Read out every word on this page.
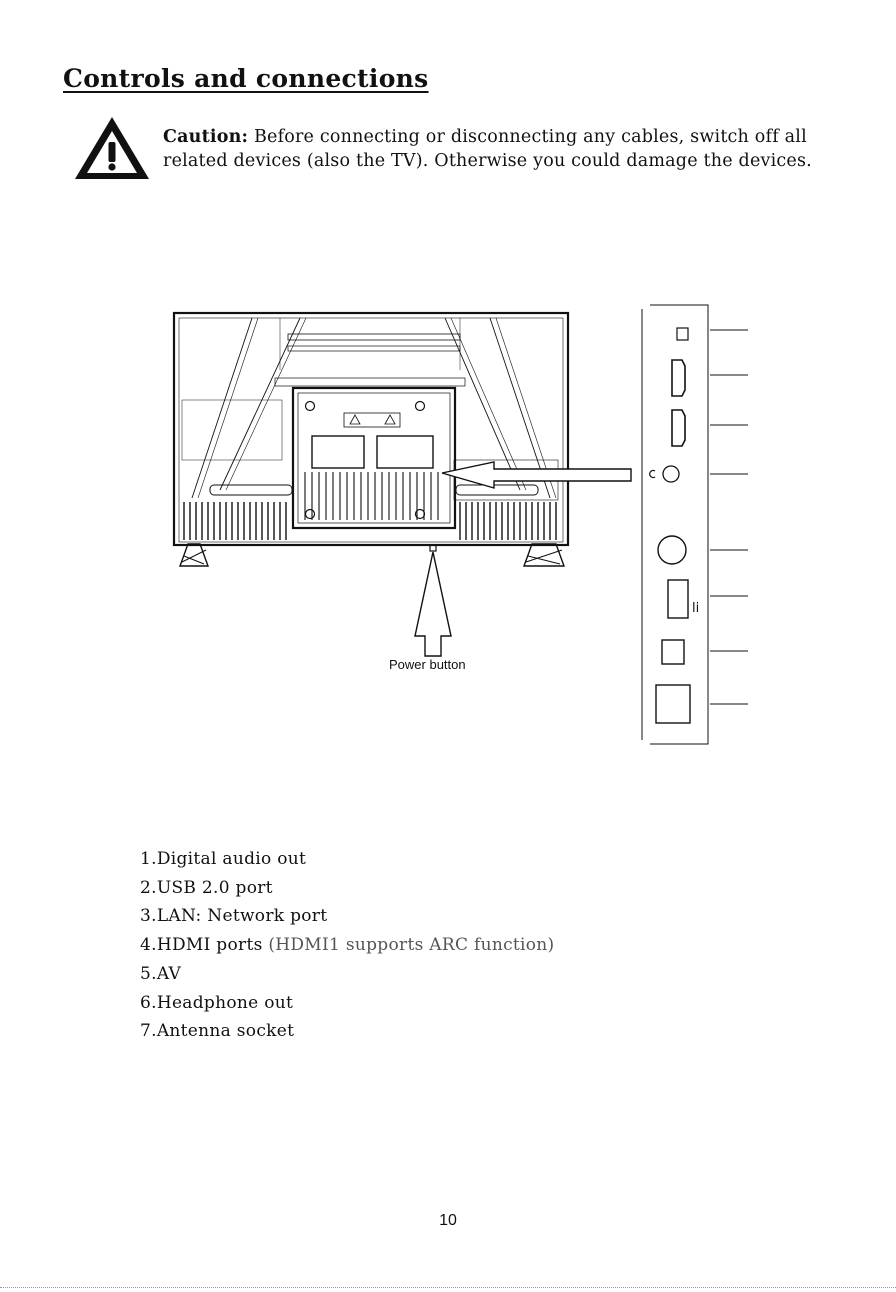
Controls and connections
Caution: Before connecting or disconnecting any cables, switch off all related devices (also the TV). Otherwise you could damage the devices.
li
Power button
1.Digital audio out
2.USB 2.0 port
3.LAN: Network port
4.HDMI ports (HDMI1 supports ARC function)
5.AV
6.Headphone out
7.Antenna socket
10
